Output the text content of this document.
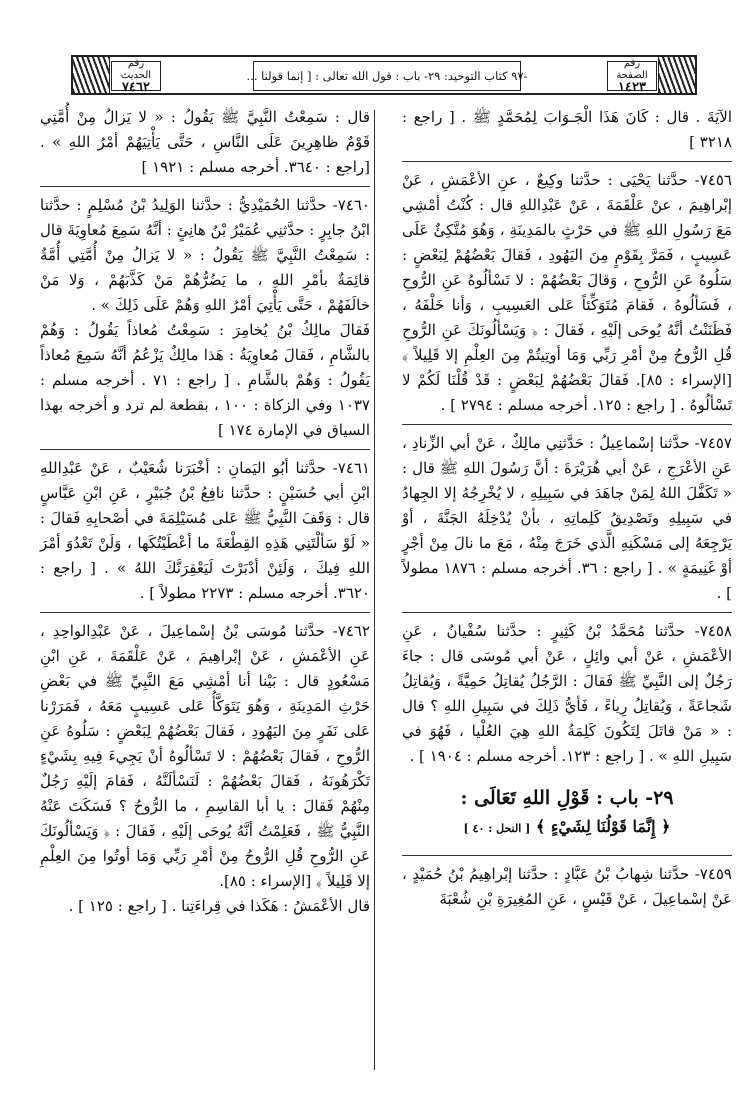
رقم الصفحة
١٤٢٣
-٩٧ كتاب التوحيد: ٢٩- باب : قول الله تعالى : [ إنما قولنا ...
رقم الحديث
٧٤٦٢

الآيَةَ . قال : كَانَ هَذَا الْجَـوَابَ لِمُحَمَّدٍ ﷺ . [ راجع : ٣٢١٨ ]

٧٤٥٦- حدَّثنا يَحْيَى : حدَّثنا وكِيعٌ ، عنِ الأعْمَشِ ، عَنْ إبْراهِيمَ ، عنْ عَلْقَمَةَ ، عَنْ عَبْدِاللهِ قال : كُنْتُ أمْشِي مَعَ رَسُولِ اللهِ ﷺ في حَرْثٍ بالمَدِينَةِ ، وَهُوَ مُتَّكِئٌ عَلَى عَسِيبٍ ، فَمَرَّ بِقَوْمٍ مِنَ اليَهُودِ ، فَقالَ بَعْضُهُمْ لِبَعْضٍ : سَلُوهُ عَنِ الرُّوحِ ، وَقالَ بَعْضُهُمْ : لا تَسْألُوهُ عَنِ الرُّوحِ ، فَسَألُوهُ ، فَقامَ مُتَوَكِّئاً عَلى العَسِيبِ ، وَأنا خَلْفَهُ ، فَظَنَنْتُ أنَّهُ يُوحَى إلَيْهِ ، فَقالَ : ﴿ وَيَسْألُونَكَ عَنِ الرُّوحِ قُلِ الرُّوحُ مِنْ أمْرِ رَبِّي وَمَا أوتِيتُمْ مِنَ العِلْمِ إلا قَلِيلاً ﴾ [الإسراء : ٨٥]. فَقالَ بَعْضُهُمْ لِبَعْضٍ : قَدْ قُلْنَا لَكُمْ لا تَسْألُوهُ . [ راجع : ١٢٥. أخرجه مسلم : ٢٧٩٤ ] .

٧٤٥٧- حدَّثنا إسْماعِيلُ : حَدَّثنِي مالِكٌ ، عَنْ أبي الزِّنادِ ، عَنِ الأعْرَجِ ، عَنْ أبي هُرَيْرَةَ : أنَّ رَسُولَ اللهِ ﷺ قال : « تَكَفَّلَ اللهُ لِمَنْ جاهَدَ في سَبِيلِهِ ، لا يُخْرِجُهُ إلا الجِهادُ في سَبِيلِهِ وتَصْدِيقُ كَلِماتِهِ ، بأنْ يُدْخِلَهُ الجَنَّةَ ، أوْ يَرْجِعَهُ إلى مَسْكَنِهِ الَّذي خَرَجَ مِنْهُ ، مَعَ ما نالَ مِنْ أجْرٍ أوْ غَنِيمَةٍ » . [ راجع : ٣٦. أخرجه مسلم : ١٨٧٦ مطولاً ] .

٧٤٥٨- حدَّثنا مُحَمَّدُ بْنُ كَثِيرٍ : حدَّثنا سُفْيانُ ، عَنِ الأعْمَشِ ، عَنْ أبي وائِلٍ ، عَنْ أبي مُوسَى قال : جاءَ رَجُلٌ إلى النَّبِيِّ ﷺ فَقالَ : الرَّجُلُ يُقاتِلُ حَمِيَّةً ، وَيُقاتِلُ شَجاعَةً ، وَيُقاتِلُ رِياءً ، فَأيُّ ذَلِكَ في سَبِيلِ اللهِ ؟ قال : « مَنْ قاتَلَ لِتَكُونَ كَلِمَةُ اللهِ هِيَ العُلْيا ، فَهُوَ في سَبِيلِ اللهِ » . [ راجع : ١٢٣. أخرجه مسلم : ١٩٠٤ ] .

٢٩- باب : قَوْلِ اللهِ تَعَالَى :
﴿ إِنَّمَا قَوْلُنَا لِشَيْءٍ ﴾ [ النحل : ٤٠ ]

٧٤٥٩- حدَّثنا شِهابُ بْنُ عَبَّادٍ : حدَّثنا إبْراهِيمُ بْنُ حُمَيْدٍ ، عَنْ إسْماعِيلَ ، عَنْ قَيْسٍ ، عَنِ المُغِيرَةِ بْنِ شُعْبَةَ

قال : سَمِعْتُ النَّبِيَّ ﷺ يَقُولُ : « لا يَزالُ مِنْ أُمَّتِي قَوْمٌ ظاهِرِينَ عَلَى النَّاسِ ، حَتَّى يَأْتِيَهُمْ أمْرُ اللهِ » . [راجع : ٣٦٤٠. أخرجه مسلم : ١٩٢١ ]

٧٤٦٠- حدَّثنا الحُمَيْدِيُّ : حدَّثنا الوَلِيدُ بْنُ مُسْلِمٍ : حدَّثنا ابْنُ جابِرٍ : حدَّثنِي عُمَيْرُ بْنُ هانِئٍ : أنَّهُ سَمِعَ مُعاوِيَةَ قال : سَمِعْتُ النَّبِيَّ ﷺ يَقُولُ : « لا يَزالُ مِنْ أُمَّتِي أُمَّةٌ قائِمَةٌ بأمْرِ اللهِ ، ما يَضُرُّهُمْ مَنْ كَذَّبَهُمْ ، وَلا مَنْ خالَفَهُمْ ، حَتَّى يَأْتِيَ أمْرُ اللهِ وَهُمْ عَلَى ذَلِكَ » .

فَقالَ مالِكُ بْنُ يُخامِرَ : سَمِعْتُ مُعاذاً يَقُولُ : وَهُمْ بالشَّامِ ، فَقالَ مُعاوِيَةُ : هَذا مالِكٌ يَزْعُمُ أنَّهُ سَمِعَ مُعاذاً يَقُولُ : وَهُمْ بالشَّامِ . [ راجع : ٧١ . أخرجه مسلم : ١٠٣٧ وفي الزكاة : ١٠٠ ، بقطعة لم ترد و أخرجه بهذا السياق في الإمارة ١٧٤ ]

٧٤٦١- حدَّثنا أبُو اليَمانِ : أخْبَرَنا شُعَيْبٌ ، عَنْ عَبْدِاللهِ ابْنِ أبي حُسَيْنٍ : حدَّثنا نافِعُ بْنُ جُبَيْرٍ ، عَنِ ابْنِ عَبَّاسٍ قال : وَقَفَ النَّبِيُّ ﷺ عَلى مُسَيْلِمَةَ في أصْحابِهِ فَقالَ : « لَوْ سَألْتَنِي هَذِهِ القِطْعَةَ ما أعْطَيْتُكَها ، وَلَنْ تَعْدُوَ أمْرَ اللهِ فِيكَ ، وَلَئِنْ أدْبَرْتَ لَيَعْقِرَنَّكَ اللهُ » . [ راجع : ٣٦٢٠. أخرجه مسلم : ٢٢٧٣ مطولاً ] .

٧٤٦٢- حدَّثنا مُوسَى بْنُ إسْماعِيلَ ، عَنْ عَبْدِالواحِدِ ، عَنِ الأعْمَشِ ، عَنْ إبْراهِيمَ ، عَنْ عَلْقَمَةَ ، عَنِ ابْنِ مَسْعُودٍ قال : بَيْنا أنا أمْشِي مَعَ النَّبِيِّ ﷺ في بَعْضِ حَرْثِ المَدِينَةِ ، وَهُوَ يَتَوَكَّأُ عَلى عَسِيبٍ مَعَهُ ، فَمَرَرْنا عَلى نَفَرٍ مِنَ اليَهُودِ ، فَقالَ بَعْضُهُمْ لِبَعْضٍ : سَلُوهُ عَنِ الرُّوحِ ، فَقالَ بَعْضُهُمْ : لا تَسْألُوهُ أنْ يَجِيءَ فِيهِ بِشَيْءٍ تَكْرَهُونَهُ ، فَقالَ بَعْضُهُمْ : لَنَسْألَنَّهُ ، فَقامَ إلَيْهِ رَجُلٌ مِنْهُمْ فَقالَ : يا أبا القاسِمِ ، ما الرُّوحُ ؟ فَسَكَتَ عَنْهُ النَّبِيُّ ﷺ ، فَعَلِمْتُ أنَّهُ يُوحَى إلَيْهِ ، فَقالَ : ﴿ وَيَسْألُونَكَ عَنِ الرُّوحِ قُلِ الرُّوحُ مِنْ أمْرِ رَبِّي وَمَا أوتُوا مِنَ العِلْمِ إلا قَلِيلاً ﴾ [الإسراء : ٨٥].

قال الأعْمَشُ : هَكَذا في قِراءَتِنا . [ راجع : ١٢٥ ] .
